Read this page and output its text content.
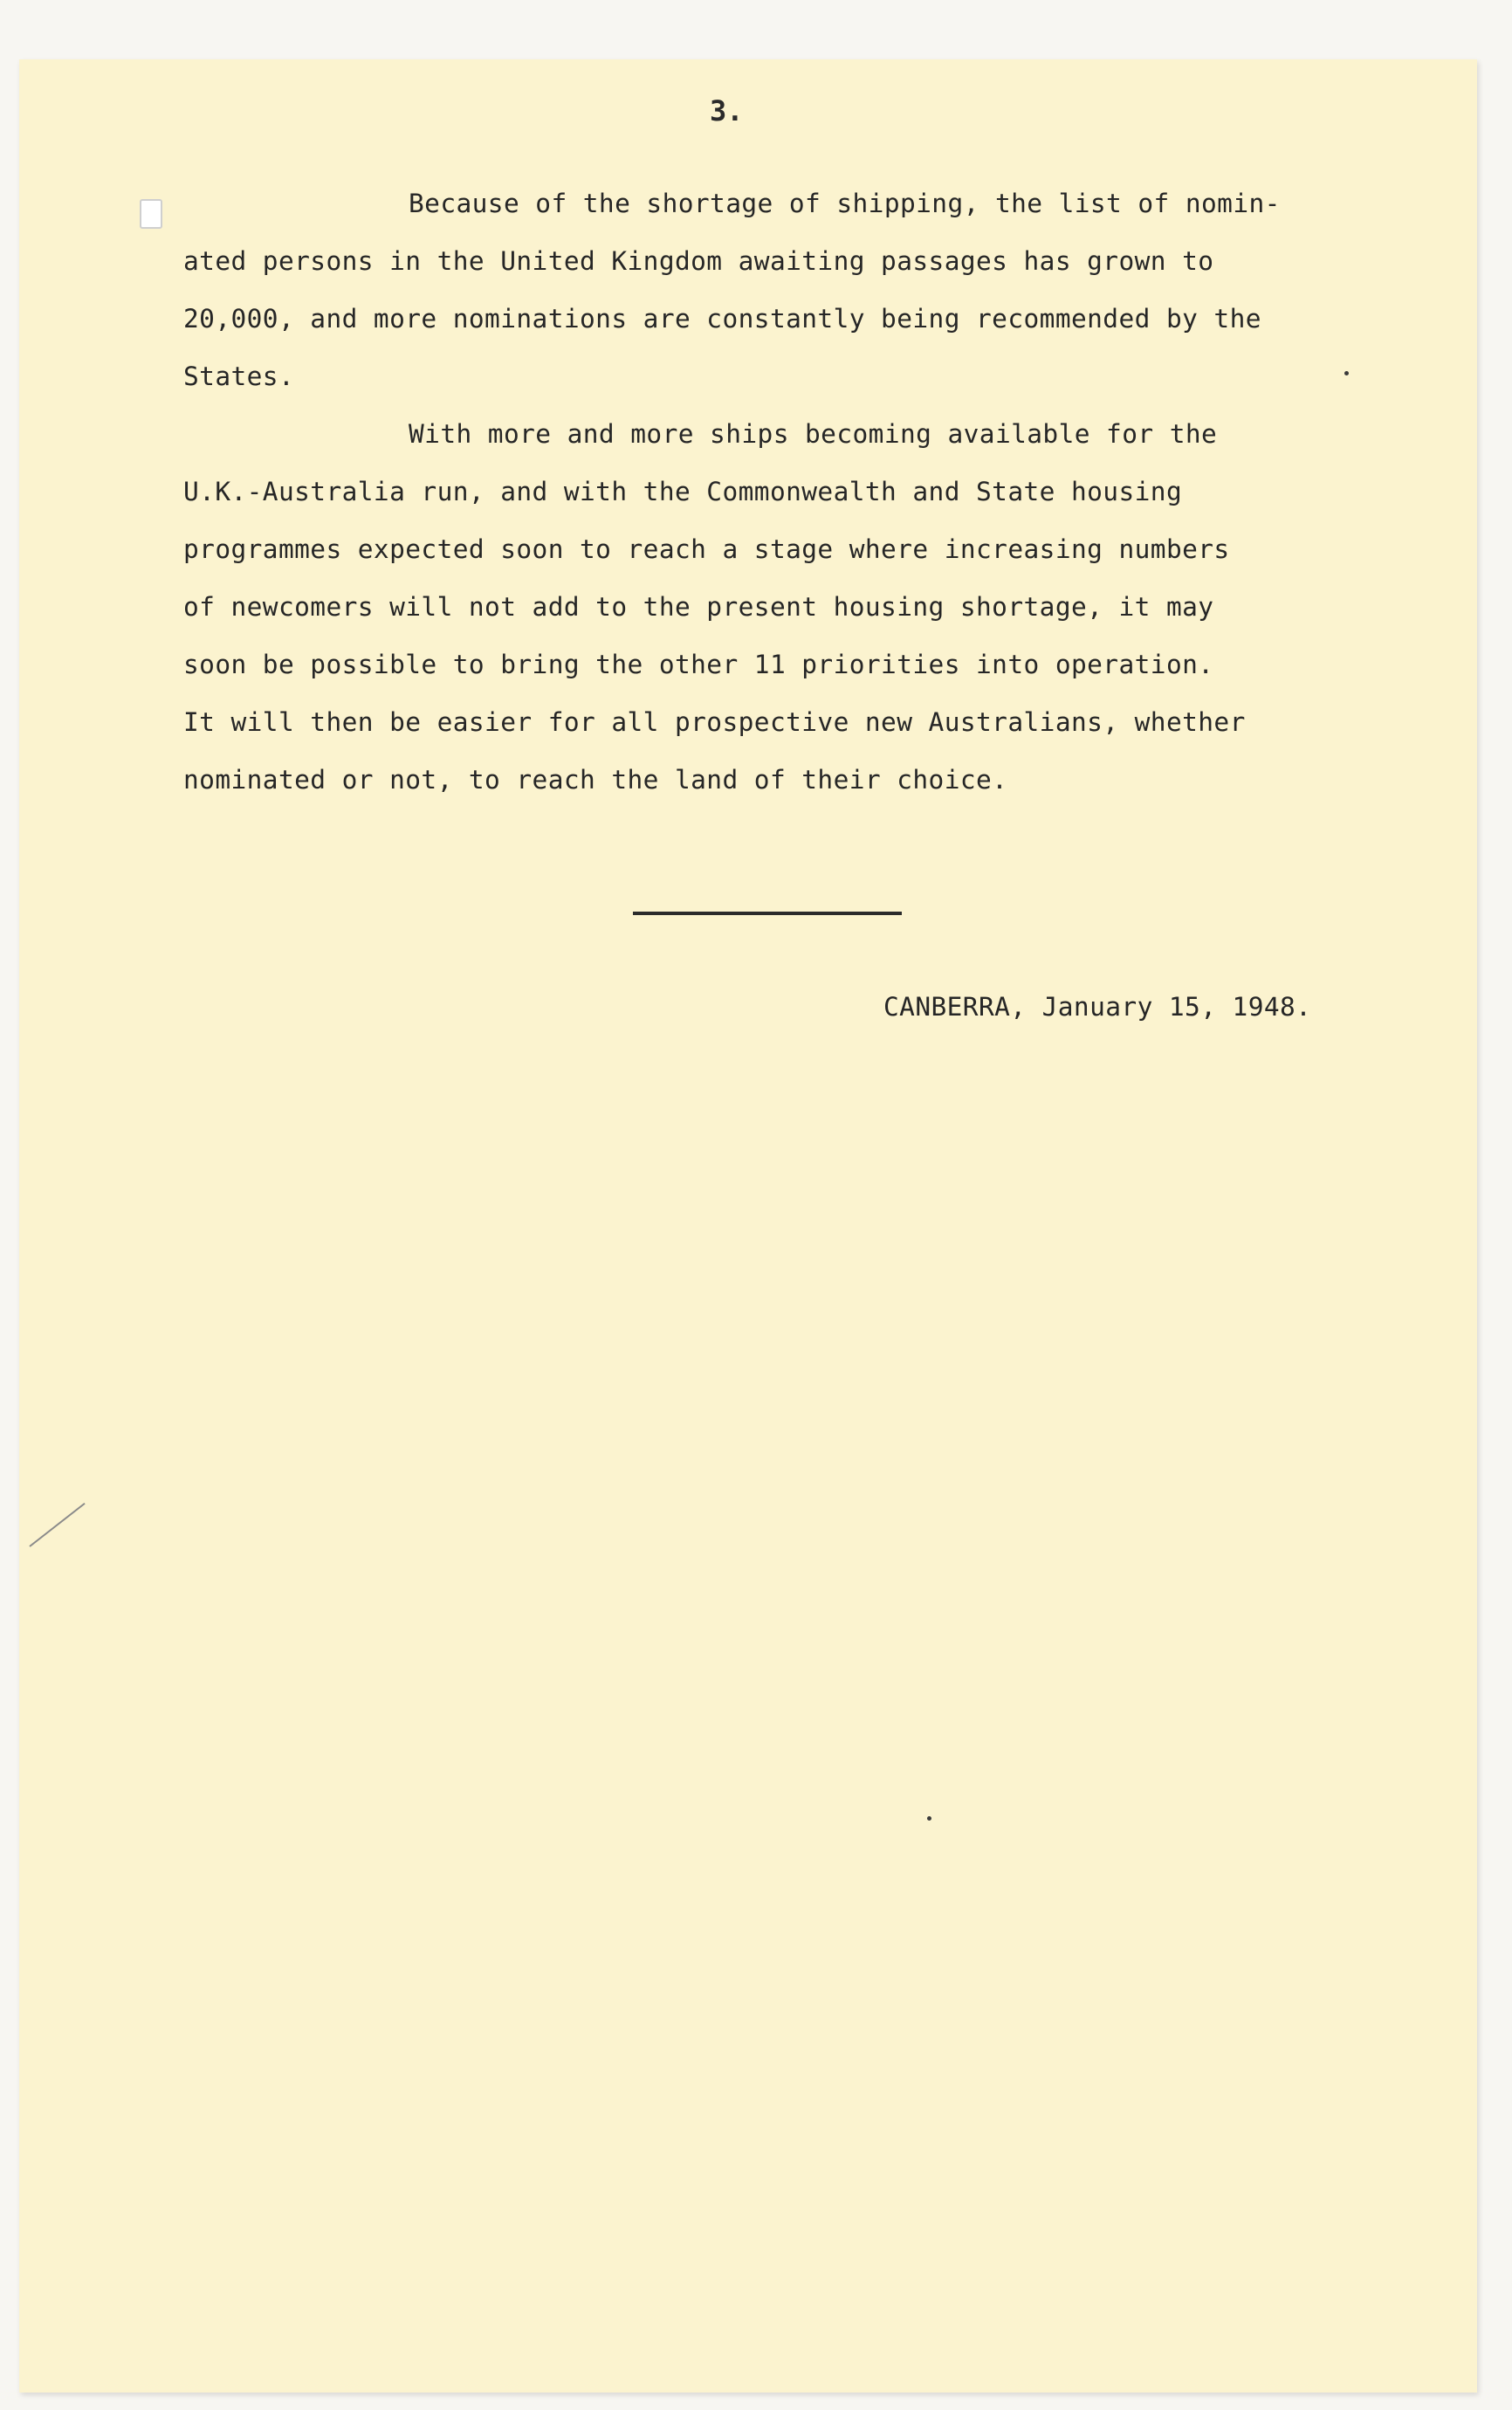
3.
Because of the shortage of shipping, the list of nomin-
ated persons in the United Kingdom awaiting passages has grown to
20,000, and more nominations are constantly being recommended by the
States.
With more and more ships becoming available for the
U.K.-Australia run, and with the Commonwealth and State housing
programmes expected soon to reach a stage where increasing numbers
of newcomers will not add to the present housing shortage, it may
soon be possible to bring the other 11 priorities into operation.
It will then be easier for all prospective new Australians, whether
nominated or not, to reach the land of their choice.
CANBERRA, January 15, 1948.
